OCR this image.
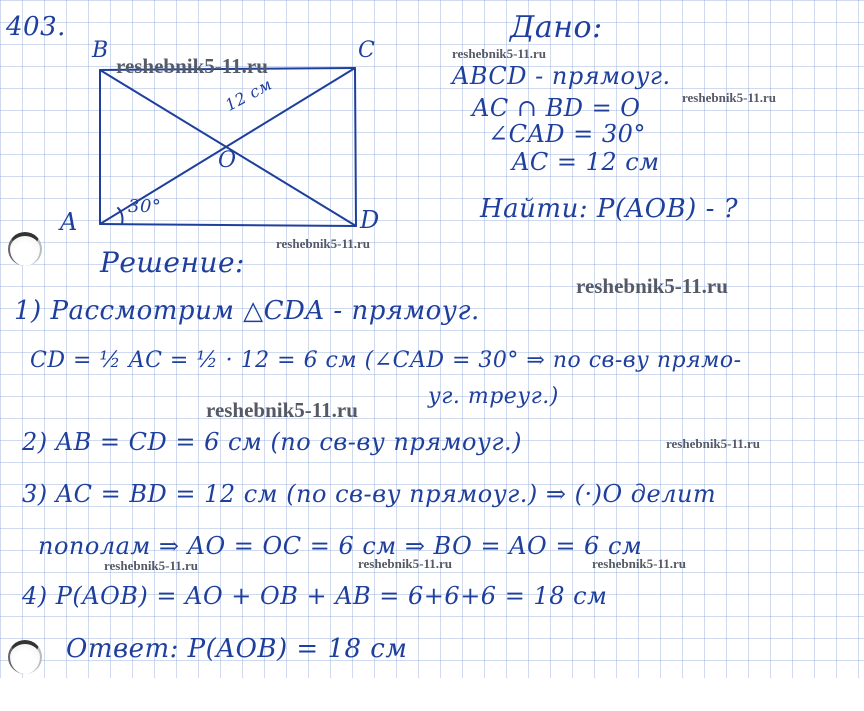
403.
B	C
A	D
O
12 см
30°
Дано:
ABCD - прямоуг.
AC ∩ BD = O
∠CAD = 30°
AC = 12 см
Найти: P(AOB) - ?
Решение:
1) Рассмотрим △CDA - прямоуг.
CD = ½ AC = ½ · 12 = 6 см (∠CAD = 30° ⇒ по св-ву прямо-
уг. треуг.)
2) AB = CD = 6 см (по св-ву прямоуг.)
3) AC = BD = 12 см (по св-ву прямоуг.) ⇒ (·)O делит
пополам ⇒ AO = OC = 6 см ⇒ BO = AO = 6 см
4) P(AOB) = AO + OB + AB = 6+6+6 = 18 см
Ответ: P(AOB) = 18 см
reshebnik5-11.ru
reshebnik5-11.ru
reshebnik5-11.ru
reshebnik5-11.ru
reshebnik5-11.ru
reshebnik5-11.ru
reshebnik5-11.ru
reshebnik5-11.ru	reshebnik5-11.ru	reshebnik5-11.ru
